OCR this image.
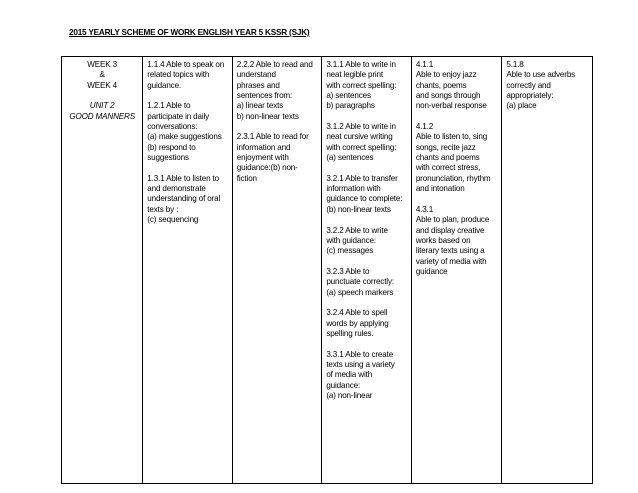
2015 YEARLY SCHEME OF WORK ENGLISH YEAR 5 KSSR (SJK)
WEEK 3
&
WEEK 4
UNIT 2
GOOD MANNERS

1.1.4 Able to speak on
related topics with
guidance.
1.2.1 Able to
participate in daily
conversations:
(a) make suggestions
(b) respond to
suggestions
1.3.1 Able to listen to
and demonstrate
understanding of oral
texts by :
(c) sequencing

2.2.2 Able to read and
understand
phrases and
sentences from:
a) linear texts
b) non-linear texts
2.3.1 Able to read for
information and
enjoyment with
guidance:(b) non-
fiction

3.1.1 Able to write in
neat legible print
with correct spelling:
a) sentences
b) paragraphs
3.1.2 Able to write in
neat cursive writing
with correct spelling:
(a) sentences
3.2.1 Able to transfer
information with
guidance to complete:
(b) non-linear texts
3.2.2 Able to write
with guidance:
(c) messages
3.2.3 Able to
punctuate correctly:
(a) speech markers
3.2.4 Able to spell
words by applying
spelling rules.
3.3.1 Able to create
texts using a variety
of media with
guidance:
(a) non-linear

4.1.1
Able to enjoy jazz
chants, poems
and songs through
non-verbal response
4.1.2
Able to listen to, sing
songs, recite jazz
chants and poems
with correct stress,
pronunciation, rhythm
and intonation
4.3.1
Able to plan, produce
and display creative
works based on
literary texts using a
variety of media with
guidance

5.1.8
Able to use adverbs
correctly and
appropriately:
(a) place
